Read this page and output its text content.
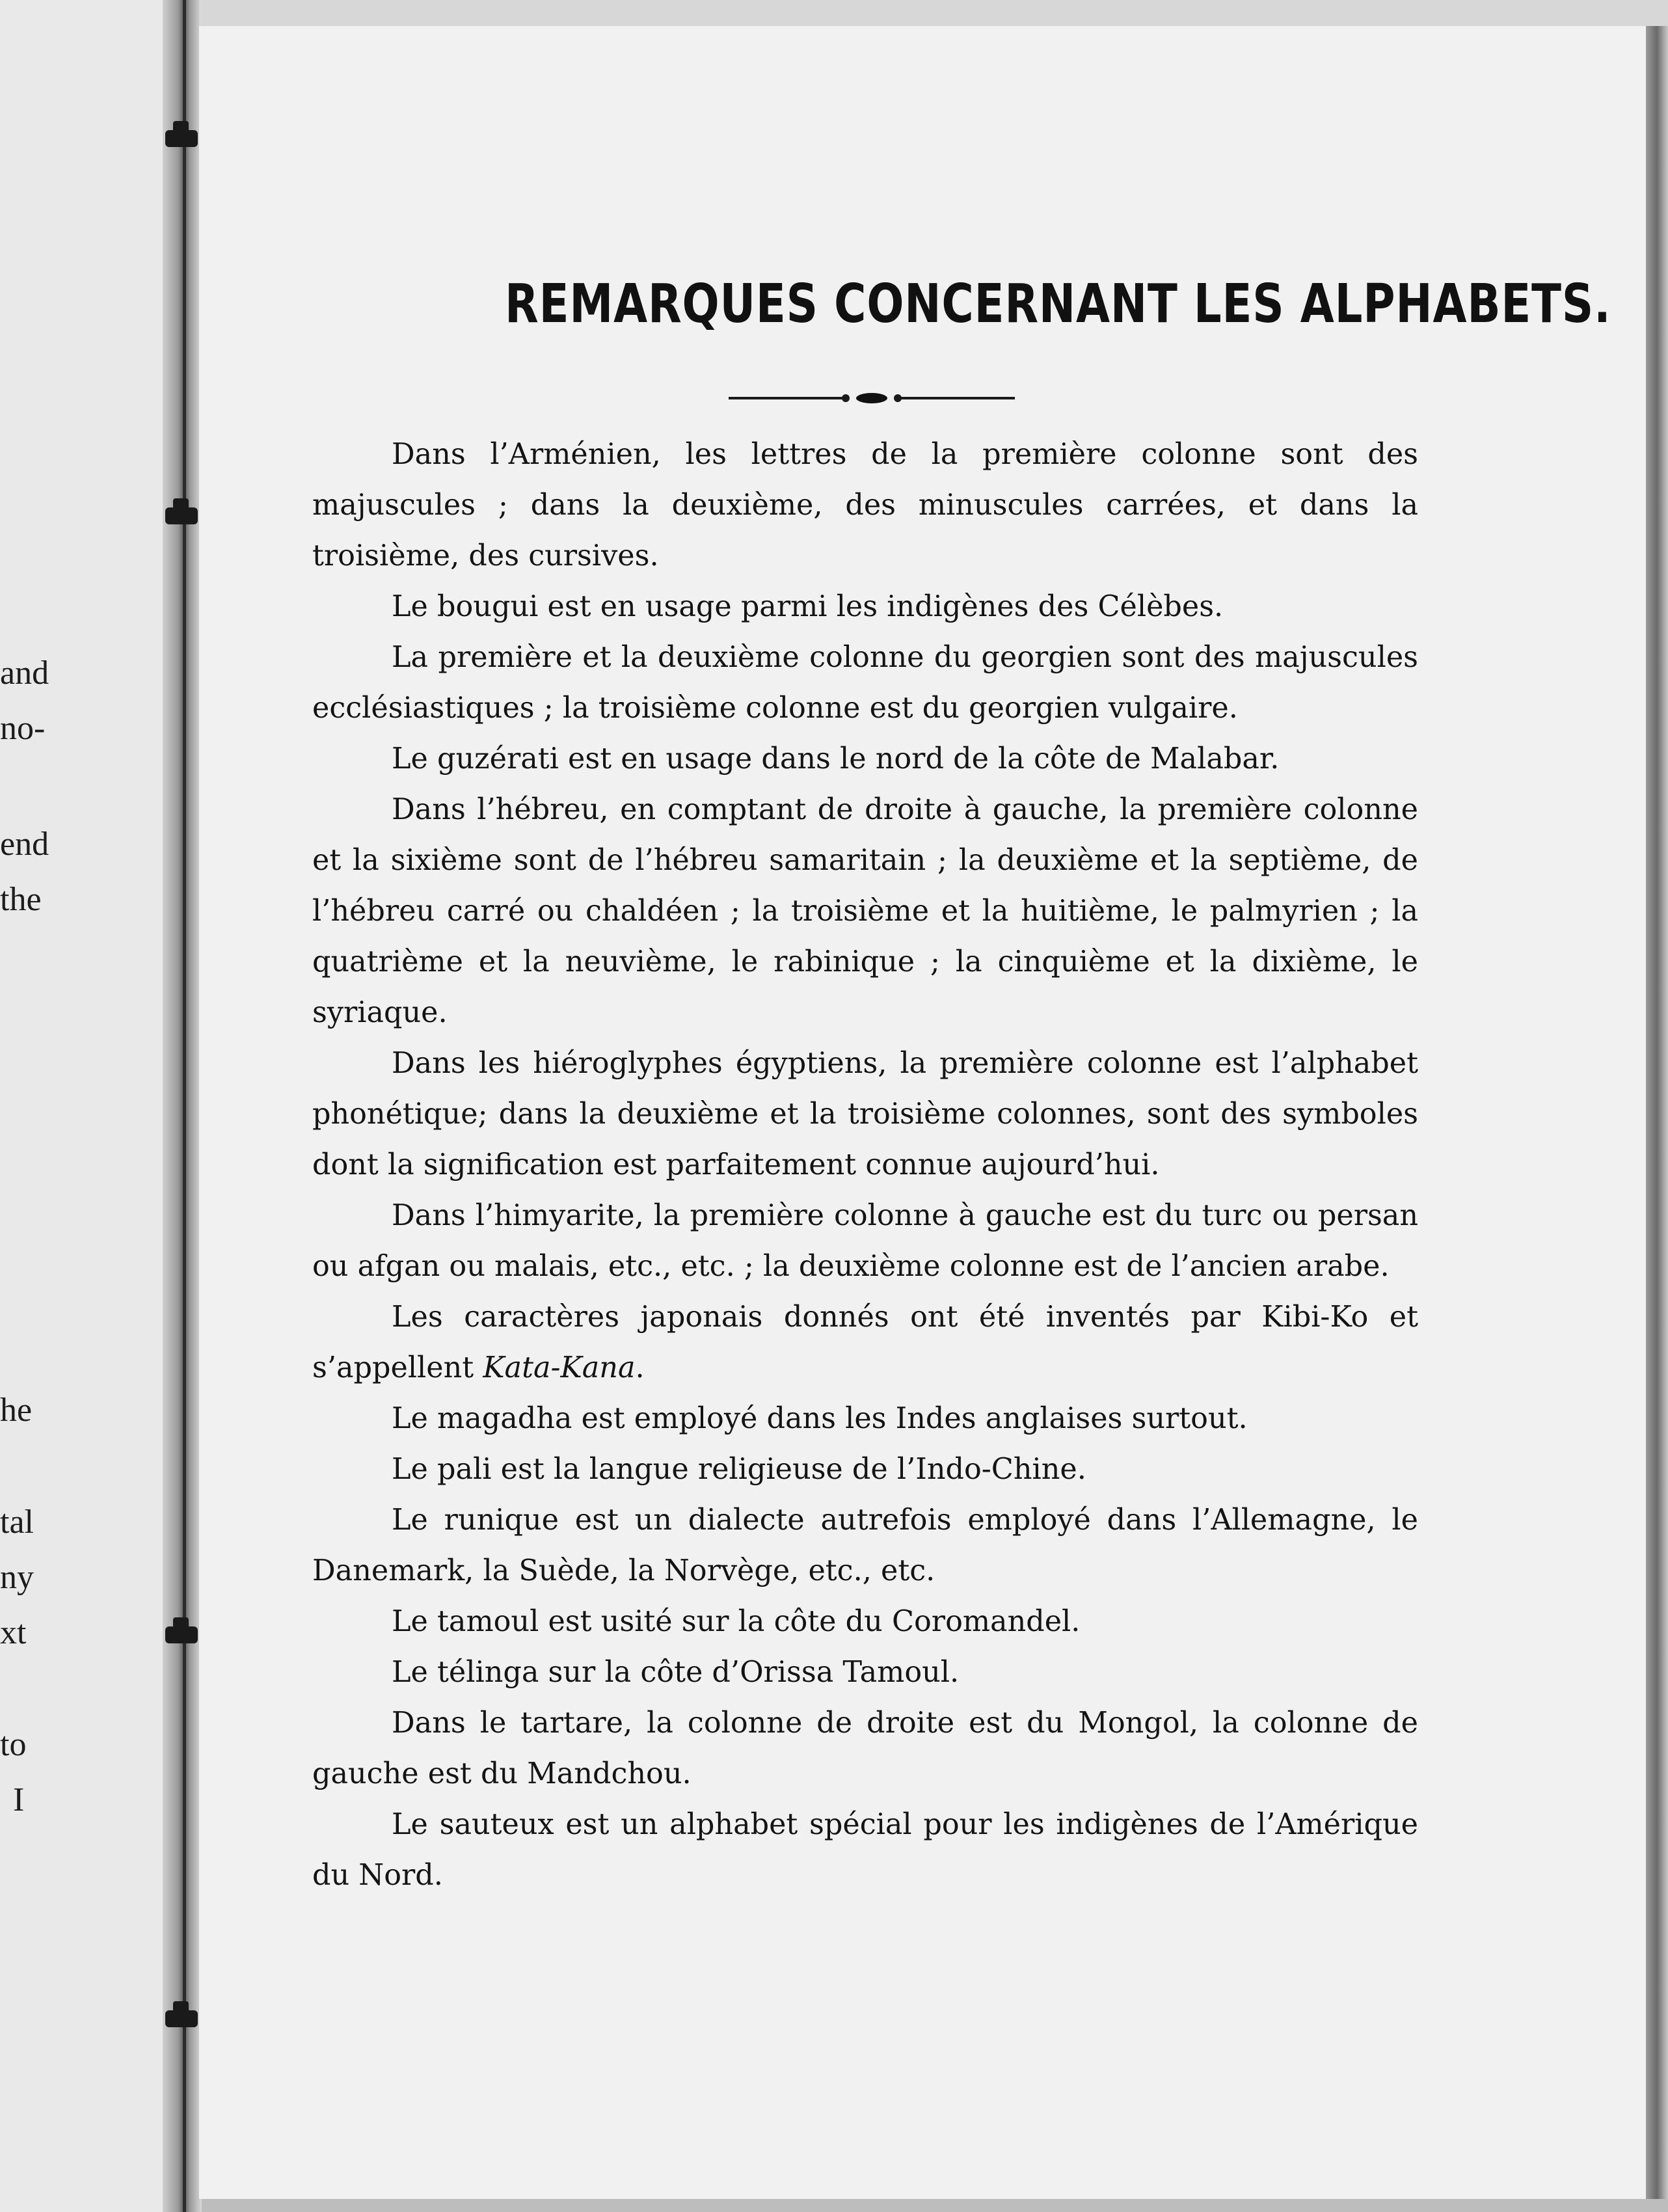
and
no-
end
the
he
tal
ny
xt
to
I
REMARQUES CONCERNANT LES ALPHABETS.

Dans l’Arménien, les lettres de la première colonne sont des majuscules ; dans la deuxième, des minuscules carrées, et dans la troisième, des cursives.

Le bougui est en usage parmi les indigènes des Célèbes.

La première et la deuxième colonne du georgien sont des majuscules ecclésiastiques ; la troisième colonne est du georgien vulgaire.

Le guzérati est en usage dans le nord de la côte de Malabar.

Dans l’hébreu, en comptant de droite à gauche, la première colonne et la sixième sont de l’hébreu samaritain ; la deuxième et la septième, de l’hébreu carré ou chaldéen ; la troisième et la huitième, le palmyrien ; la quatrième et la neuvième, le rabinique ; la cinquième et la dixième, le syriaque.

Dans les hiéroglyphes égyptiens, la première colonne est l’alphabet phonétique; dans la deuxième et la troisième colonnes, sont des symboles dont la signification est parfaitement connue aujourd’hui.

Dans l’himyarite, la première colonne à gauche est du turc ou persan ou afgan ou malais, etc., etc. ; la deuxième colonne est de l’ancien arabe.

Les caractères japonais donnés ont été inventés par Kibi-Ko et s’appellent Kata-Kana.

Le magadha est employé dans les Indes anglaises surtout.

Le pali est la langue religieuse de l’Indo-Chine.

Le runique est un dialecte autrefois employé dans l’Allemagne, le Danemark, la Suède, la Norvège, etc., etc.

Le tamoul est usité sur la côte du Coromandel.

Le télinga sur la côte d’Orissa Tamoul.

Dans le tartare, la colonne de droite est du Mongol, la colonne de gauche est du Mandchou.

Le sauteux est un alphabet spécial pour les indigènes de l’Amérique du Nord.
